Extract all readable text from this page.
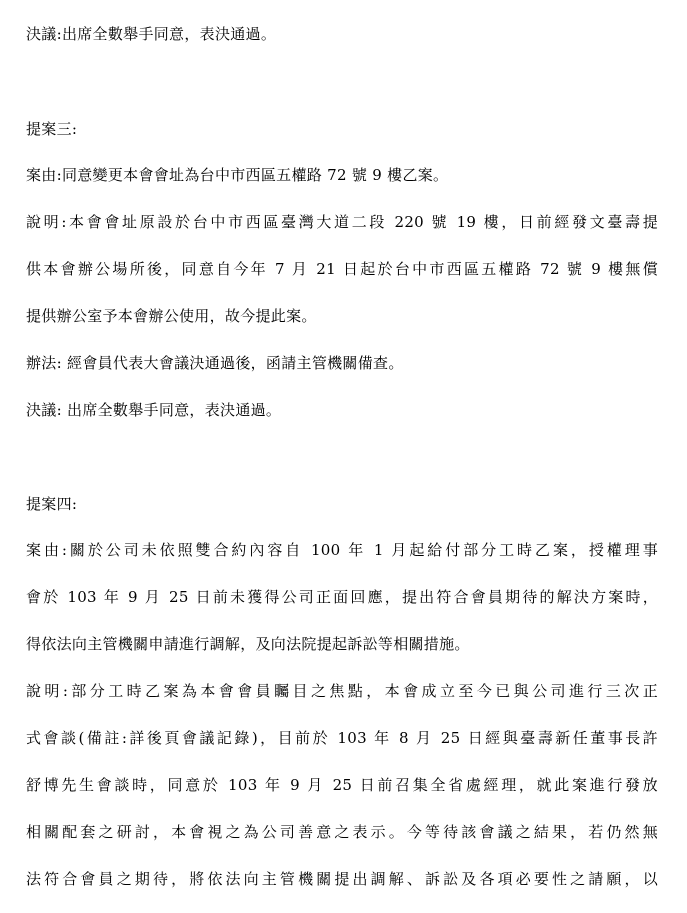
決議:出席全數舉手同意，表決通過。
提案三:
案由:同意變更本會會址為台中市西區五權路 72 號 9 樓乙案。
說明:本會會址原設於台中市西區臺灣大道二段 220 號 19 樓，日前經發文臺壽提
供本會辦公場所後，同意自今年 7 月 21 日起於台中市西區五權路 72 號 9 樓無償
提供辦公室予本會辦公使用，故今提此案。
辦法: 經會員代表大會議決通過後，函請主管機關備查。
決議: 出席全數舉手同意，表決通過。
提案四:
案由:關於公司未依照雙合約內容自 100 年 1 月起給付部分工時乙案，授權理事
會於 103 年 9 月 25 日前未獲得公司正面回應，提出符合會員期待的解決方案時，
得依法向主管機關申請進行調解，及向法院提起訴訟等相關措施。
說明:部分工時乙案為本會會員矚目之焦點，本會成立至今已與公司進行三次正
式會談(備註:詳後頁會議記錄)，目前於 103 年 8 月 25 日經與臺壽新任董事長許
舒博先生會談時，同意於 103 年 9 月 25 日前召集全省處經理，就此案進行發放
相關配套之研討，本會視之為公司善意之表示。今等待該會議之結果，若仍然無
法符合會員之期待，將依法向主管機關提出調解、訴訟及各項必要性之請願，以
